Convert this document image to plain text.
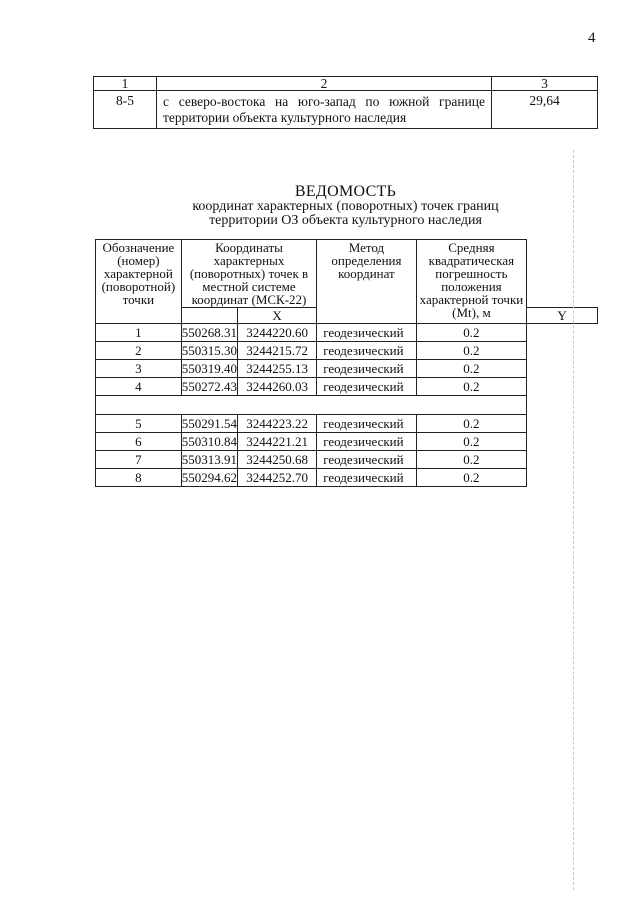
4
1	2	3
8-5	с северо-востока на юго-запад по южной границе территории объекта культурного наследия	29,64
ВЕДОМОСТЬ
координат характерных (поворотных) точек границ
территории ОЗ объекта культурного наследия
Обозначение (номер) характерной (поворотной) точки	Координаты характерных (поворотных) точек в местной системе координат (МСК-22)		Метод определения координат	Средняя квадратическая погрешность положения характерной точки (Mt), м	
		X			Y
1	550268.31	3244220.60	геодезический	0.2	
2	550315.30	3244215.72	геодезический	0.2	
3	550319.40	3244255.13	геодезический	0.2	
4	550272.43	3244260.03	геодезический	0.2	

5	550291.54	3244223.22	геодезический	0.2	
6	550310.84	3244221.21	геодезический	0.2	
7	550313.91	3244250.68	геодезический	0.2	
8	550294.62	3244252.70	геодезический	0.2	
